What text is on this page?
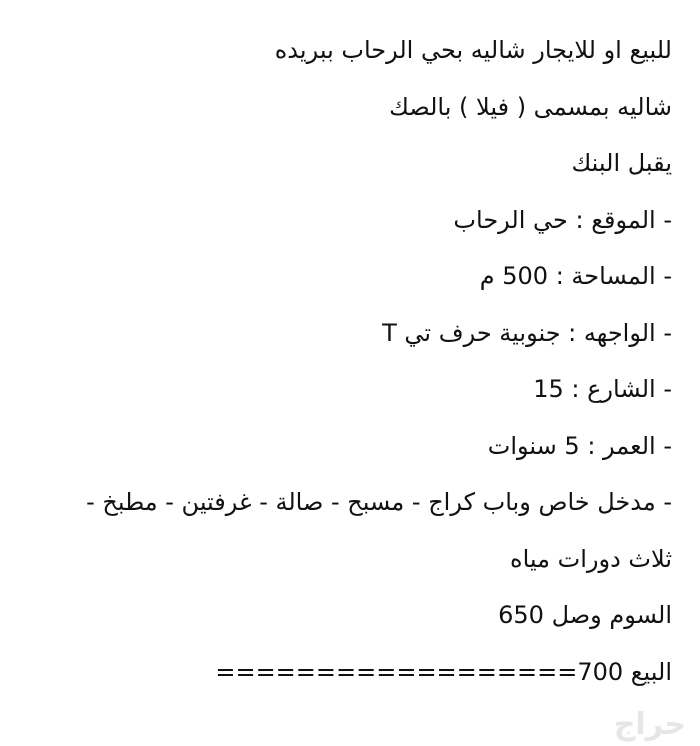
للبيع او للايجار شاليه بحي الرحاب ببريده
شاليه بمسمى ( فيلا ) بالصك
يقبل البنك
- الموقع : حي الرحاب
- المساحة : 500 م
- الواجهه : جنوبية حرف تي T
- الشارع : 15
- العمر : 5 سنوات
- مدخل خاص وباب كراج - مسبح - صالة - غرفتين - مطبخ -
ثلاث دورات مياه
السوم وصل 650
البيع 700==================
حراج
